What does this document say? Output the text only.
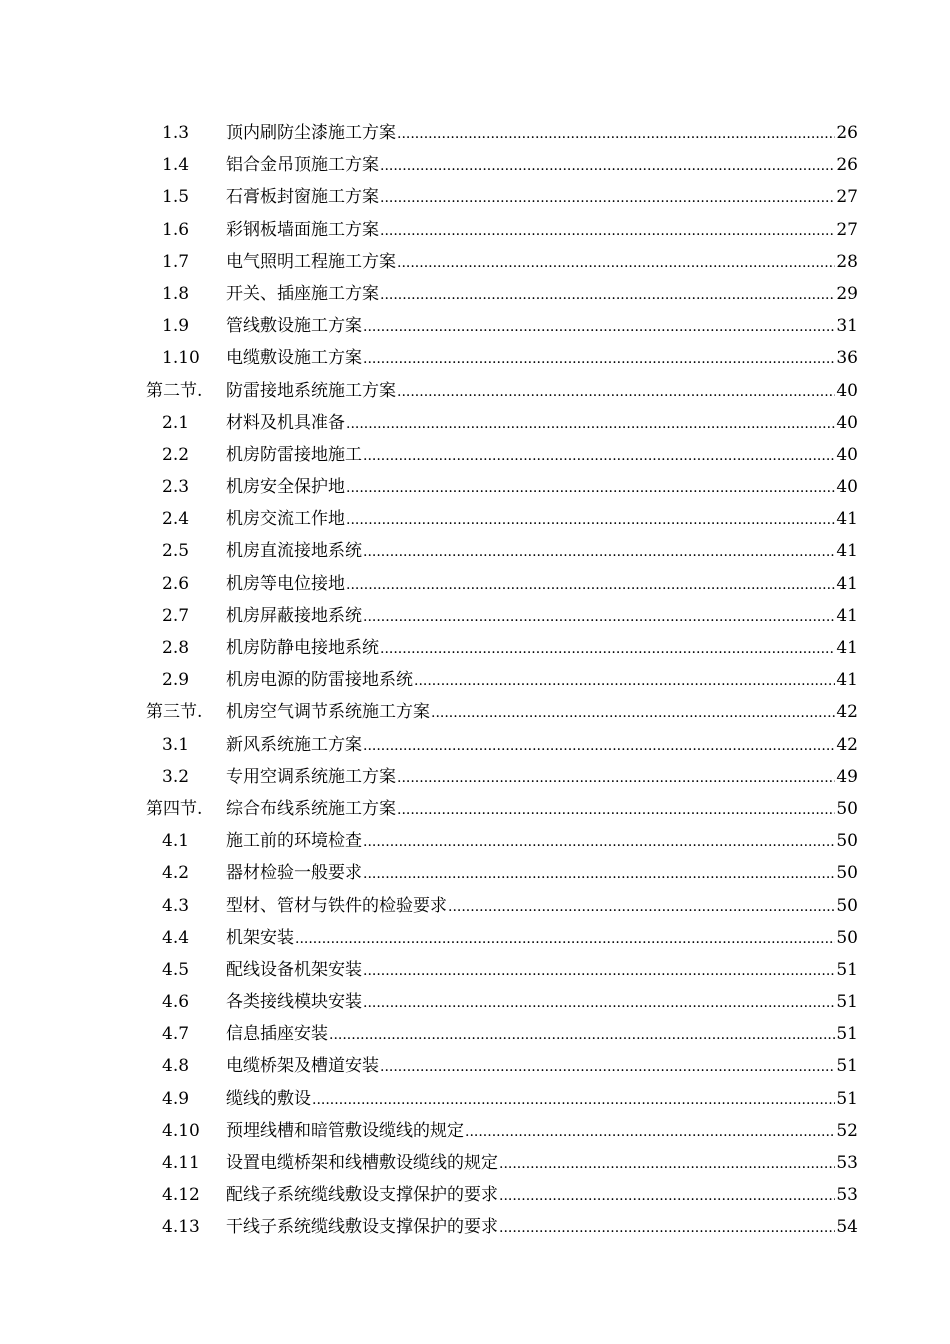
1.3 顶内刷防尘漆施工方案 .....	26
1.4 铝合金吊顶施工方案 .....	26
1.5 石膏板封窗施工方案 .....	27
1.6 彩钢板墙面施工方案 .....	27
1.7 电气照明工程施工方案 .....	28
1.8 开关、插座施工方案 .....	29
1.9 管线敷设施工方案 .....	31
1.10 电缆敷设施工方案 .....	36
第二节. 防雷接地系统施工方案 .....	40
2.1 材料及机具准备 .....	40
2.2 机房防雷接地施工 .....	40
2.3 机房安全保护地 .....	40
2.4 机房交流工作地 .....	41
2.5 机房直流接地系统 .....	41
2.6 机房等电位接地 .....	41
2.7 机房屏蔽接地系统 .....	41
2.8 机房防静电接地系统 .....	41
2.9 机房电源的防雷接地系统 .....	41
第三节. 机房空气调节系统施工方案 .....	42
3.1 新风系统施工方案 .....	42
3.2 专用空调系统施工方案 .....	49
第四节. 综合布线系统施工方案 .....	50
4.1 施工前的环境检查 .....	50
4.2 器材检验一般要求 .....	50
4.3 型材、管材与铁件的检验要求 .....	50
4.4 机架安装 .....	50
4.5 配线设备机架安装 .....	51
4.6 各类接线模块安装 .....	51
4.7 信息插座安装 .....	51
4.8 电缆桥架及槽道安装 .....	51
4.9 缆线的敷设 .....	51
4.10 预埋线槽和暗管敷设缆线的规定 .....	52
4.11 设置电缆桥架和线槽敷设缆线的规定 .....	53
4.12 配线子系统缆线敷设支撑保护的要求 .....	53
4.13 干线子系统缆线敷设支撑保护的要求 .....	54
